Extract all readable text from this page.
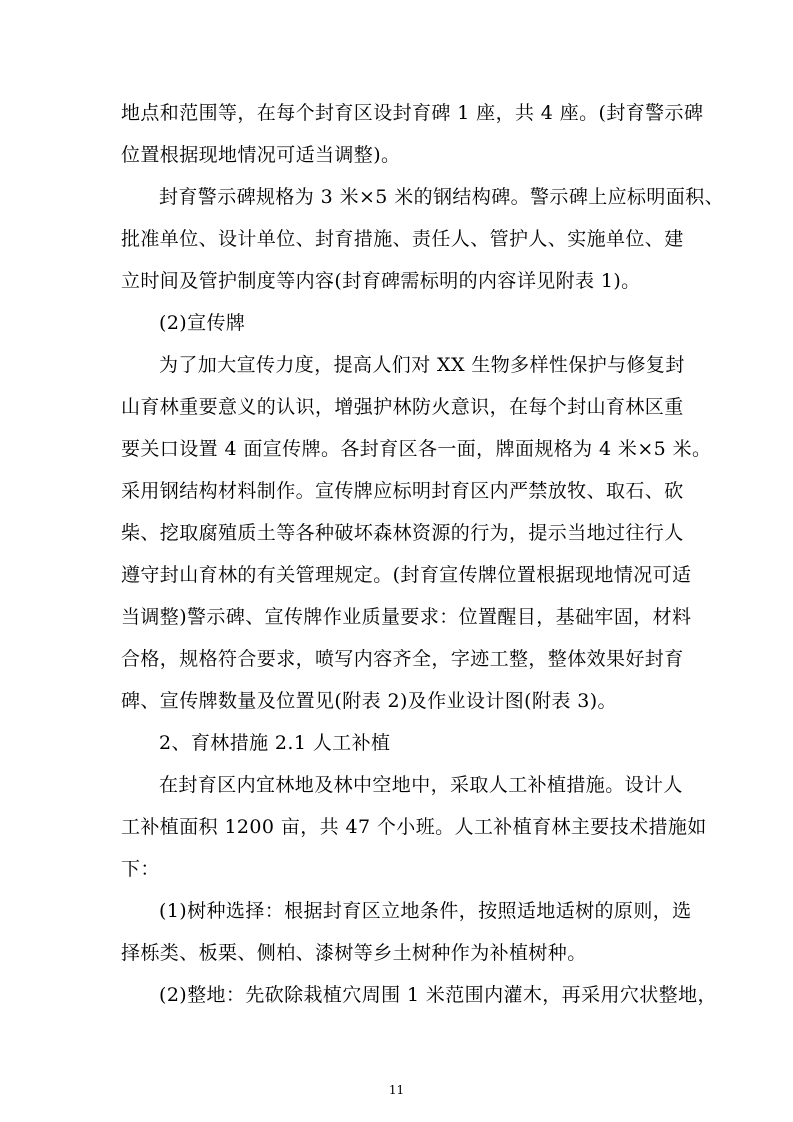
地点和范围等，在每个封育区设封育碑 1 座，共 4 座。(封育警示碑
位置根据现地情况可适当调整)。
封育警示碑规格为 3 米×5 米的钢结构碑。警示碑上应标明面积、
批准单位、设计单位、封育措施、责任人、管护人、实施单位、建
立时间及管护制度等内容(封育碑需标明的内容详见附表 1)。
(2)宣传牌
为了加大宣传力度，提高人们对 XX 生物多样性保护与修复封
山育林重要意义的认识，增强护林防火意识，在每个封山育林区重
要关口设置 4 面宣传牌。各封育区各一面，牌面规格为 4 米×5 米。
采用钢结构材料制作。宣传牌应标明封育区内严禁放牧、取石、砍
柴、挖取腐殖质土等各种破坏森林资源的行为，提示当地过往行人
遵守封山育林的有关管理规定。(封育宣传牌位置根据现地情况可适
当调整)警示碑、宣传牌作业质量要求：位置醒目，基础牢固，材料
合格，规格符合要求，喷写内容齐全，字迹工整，整体效果好封育
碑、宣传牌数量及位置见(附表 2)及作业设计图(附表 3)。
2、育林措施 2.1 人工补植
在封育区内宜林地及林中空地中，采取人工补植措施。设计人
工补植面积 1200 亩，共 47 个小班。人工补植育林主要技术措施如
下：
(1)树种选择：根据封育区立地条件，按照适地适树的原则，选
择栎类、板栗、侧柏、漆树等乡土树种作为补植树种。
(2)整地：先砍除栽植穴周围 1 米范围内灌木，再采用穴状整地，
11
